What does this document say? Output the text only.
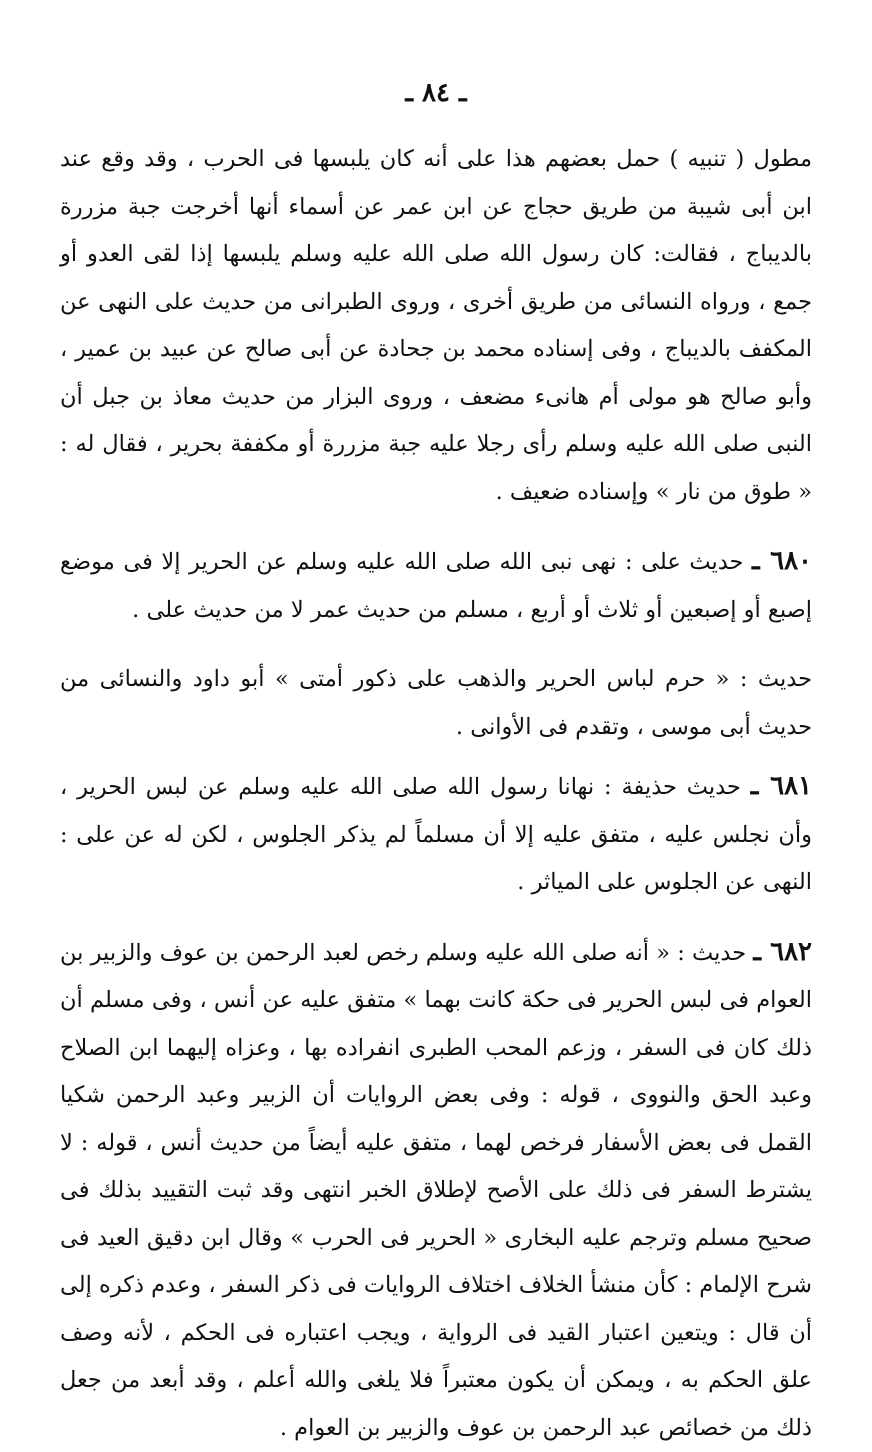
ـ ٨٤ ـ

مطول ( تنبيه ) حمل بعضهم هذا على أنه كان يلبسها فى الحرب ، وقد وقع عند ابن أبى شيبة من طريق حجاج عن ابن عمر عن أسماء أنها أخرجت جبة مزررة بالديباج ، فقالت: كان رسول الله صلى الله عليه وسلم يلبسها إذا لقى العدو أو جمع ، ورواه النسائى من طريق أخرى ، وروى الطبرانى من حديث على النهى عن المكفف بالديباج ، وفى إسناده محمد بن جحادة عن أبى صالح عن عبيد بن عمير ، وأبو صالح هو مولى أم هانىء مضعف ، وروى البزار من حديث معاذ بن جبل أن النبى صلى الله عليه وسلم رأى رجلا عليه جبة مزررة أو مكففة بحرير ، فقال له : « طوق من نار » وإسناده ضعيف .

٦٨٠ ـ حديث على : نهى نبى الله صلى الله عليه وسلم عن الحرير إلا فى موضع إصبع أو إصبعين أو ثلاث أو أربع ، مسلم من حديث عمر لا من حديث على .

حديث : « حرم لباس الحرير والذهب على ذكور أمتى » أبو داود والنسائى من حديث أبى موسى ، وتقدم فى الأوانى .

٦٨١ ـ حديث حذيفة : نهانا رسول الله صلى الله عليه وسلم عن لبس الحرير ، وأن نجلس عليه ، متفق عليه إلا أن مسلماً لم يذكر الجلوس ، لكن له عن على : النهى عن الجلوس على المياثر .

٦٨٢ ـ حديث : « أنه صلى الله عليه وسلم رخص لعبد الرحمن بن عوف والزبير بن العوام فى لبس الحرير فى حكة كانت بهما » متفق عليه عن أنس ، وفى مسلم أن ذلك كان فى السفر ، وزعم المحب الطبرى انفراده بها ، وعزاه إليهما ابن الصلاح وعبد الحق والنووى ، قوله : وفى بعض الروايات أن الزبير وعبد الرحمن شكيا القمل فى بعض الأسفار فرخص لهما ، متفق عليه أيضاً من حديث أنس ، قوله : لا يشترط السفر فى ذلك على الأصح لإطلاق الخبر انتهى وقد ثبت التقييد بذلك فى صحيح مسلم وترجم عليه البخارى « الحرير فى الحرب » وقال ابن دقيق العيد فى شرح الإلمام : كأن منشأ الخلاف اختلاف الروايات فى ذكر السفر ، وعدم ذكره إلى أن قال : ويتعين اعتبار القيد فى الرواية ، ويجب اعتباره فى الحكم ، لأنه وصف علق الحكم به ، ويمكن أن يكون معتبراً فلا يلغى والله أعلم ، وقد أبعد من جعل ذلك من خصائص عبد الرحمن بن عوف والزبير بن العوام .
